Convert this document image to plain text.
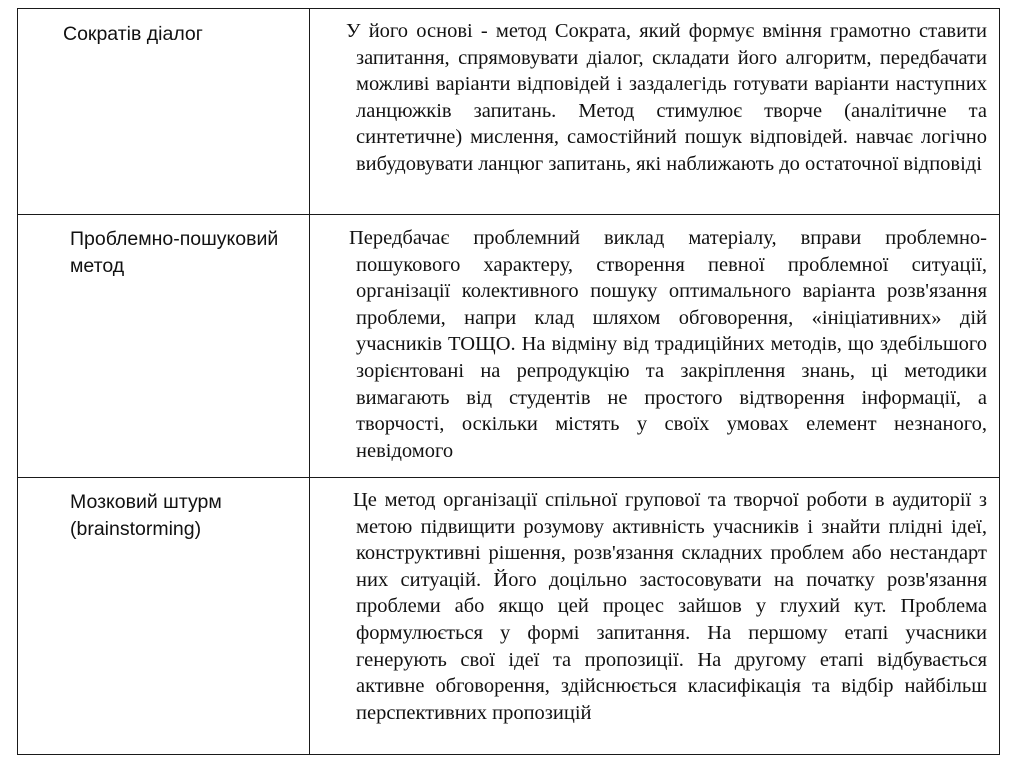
Сократів діалог	У його основі - метод Сократа, який формує вміння грамотно ставити запитання, спрямовувати діалог, складати його алгоритм, передбачати можливі варіанти відповідей і заздалегідь готувати варіанти наступних ланцюжків запитань. Метод стимулює творче (аналітичне та синтетичне) мислення, самостійний пошук відповідей. навчає логічно вибудовувати ланцюг запитань, які наближають до остаточної відповіді

Проблемно-пошуковий метод	Передбачає проблемний виклад матеріалу, вправи проблемно-пошукового характеру, створення певної проблемної ситуації, організації колективного пошуку оптимального варіанта розв'язання проблеми, напри клад шляхом обговорення, «ініціативних» дій учасників ТОЩО. На відміну від традиційних методів, що здебільшого зорієнтовані на репродукцію та закріплення знань, ці методики вимагають від студентів не простого відтворення інформації, а творчості, оскільки містять у своїх умовах елемент незнаного, невідомого

Мозковий штурм (brainstorming)	Це метод організації спільної групової та творчої роботи в аудиторії з метою підвищити розумову активність учасників і знайти плідні ідеї, конструктивні рішення, розв'язання складних проблем або нестандарт них ситуацій. Його доцільно застосовувати на початку розв'язання проблеми або якщо цей процес зайшов у глухий кут. Проблема формулюється у формі запитання. На першому етапі учасники генерують свої ідеї та пропозиції. На другому етапі відбувається активне обговорення, здійснюється класифікація та відбір найбільш перспективних пропозицій
